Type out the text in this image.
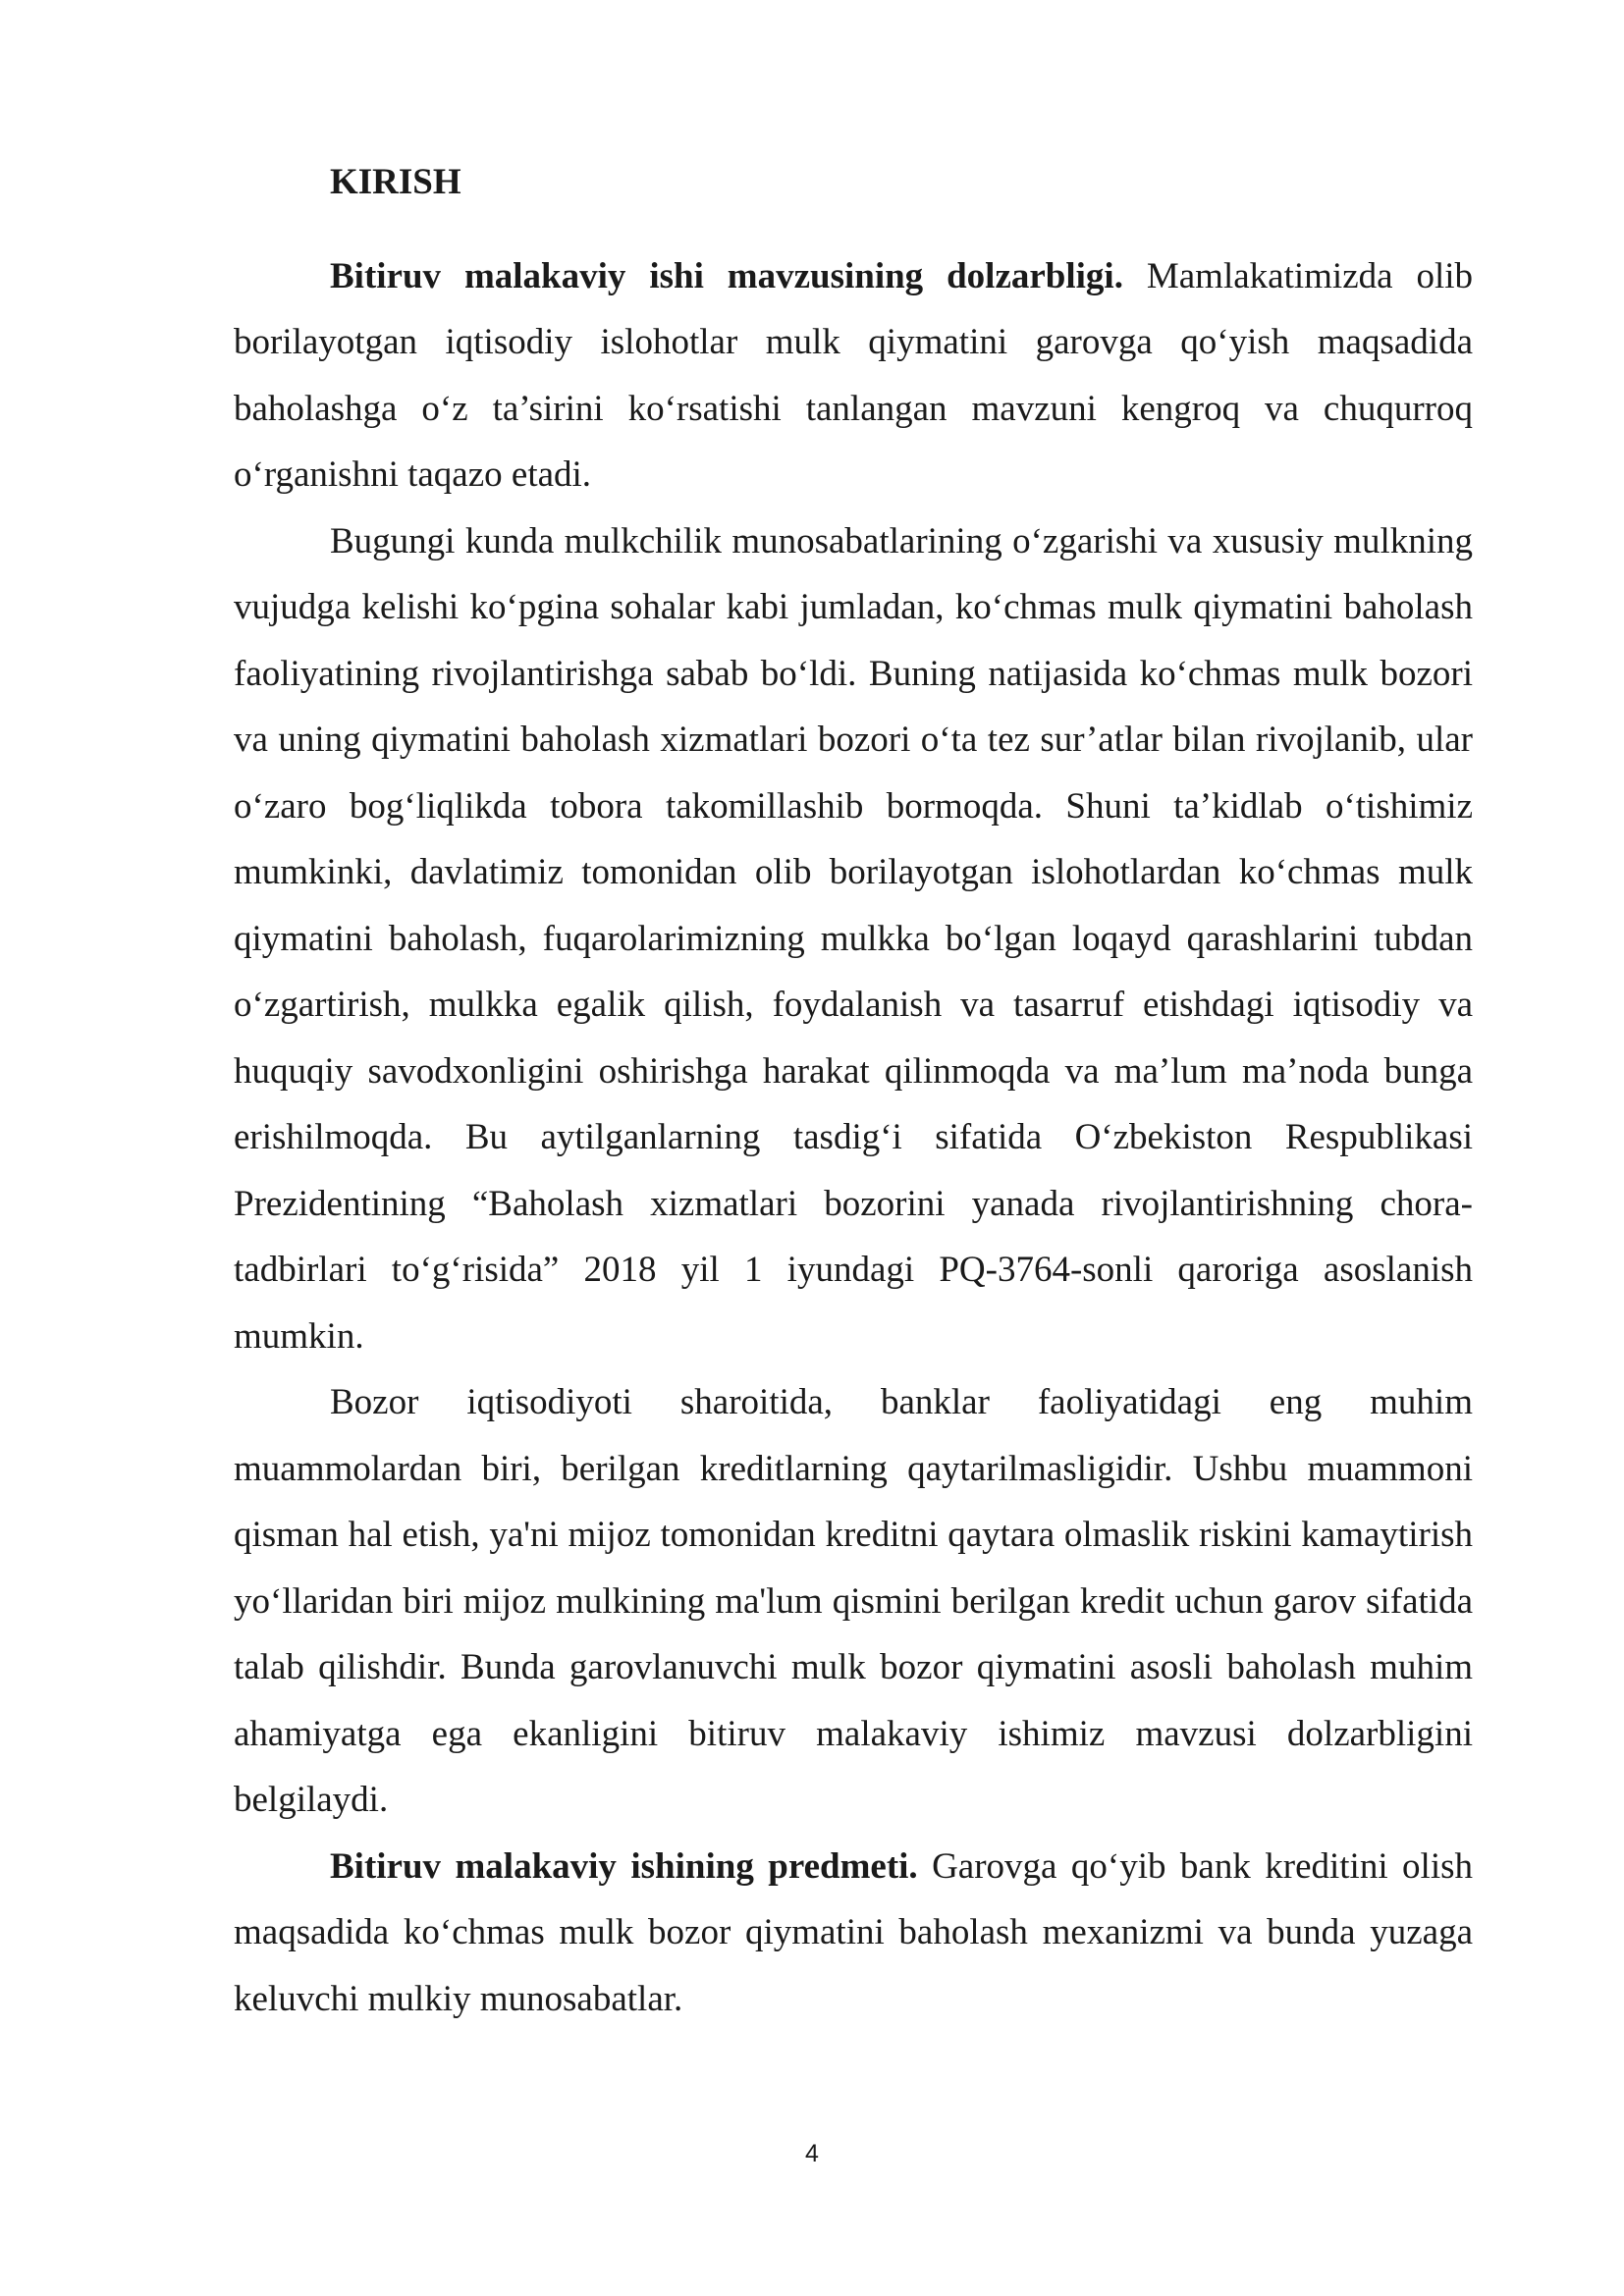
KIRISH

Bitiruv malakaviy ishi mavzusining dolzarbligi. Mamlakatimizda olib borilayotgan iqtisodiy islohotlar mulk qiymatini garovga qo‘yish maqsadida baholashga o‘z ta’sirini ko‘rsatishi tanlangan mavzuni kengroq va chuqurroq o‘rganishni taqazo etadi.

Bugungi kunda mulkchilik munosabatlarining o‘zgarishi va xususiy mulkning vujudga kelishi ko‘pgina sohalar kabi jumladan, ko‘chmas mulk qiymatini baholash faoliyatining rivojlantirishga sabab bo‘ldi. Buning natijasida ko‘chmas mulk bozori va uning qiymatini baholash xizmatlari bozori o‘ta tez sur’atlar bilan rivojlanib, ular o‘zaro bog‘liqlikda tobora takomillashib bormoqda. Shuni ta’kidlab o‘tishimiz mumkinki, davlatimiz tomonidan olib borilayotgan islohotlardan ko‘chmas mulk qiymatini baholash, fuqarolarimizning mulkka bo‘lgan loqayd qarashlarini tubdan o‘zgartirish, mulkka egalik qilish, foydalanish va tasarruf etishdagi iqtisodiy va huquqiy savodxonligini oshirishga harakat qilinmoqda va ma’lum ma’noda bunga erishilmoqda. Bu aytilganlarning tasdig‘i sifatida O‘zbekiston Respublikasi Prezidentining “Baholash xizmatlari bozorini yanada rivojlantirishning chora-tadbirlari to‘g‘risida” 2018 yil 1 iyundagi PQ-3764-sonli qaroriga asoslanish mumkin.

Bozor iqtisodiyoti sharoitida, banklar faoliyatidagi eng muhim muammolardan biri, berilgan kreditlarning qaytarilmasligidir. Ushbu muammoni qisman hal etish, ya'ni mijoz tomonidan kreditni qaytara olmaslik riskini kamaytirish yo‘llaridan biri mijoz mulkining ma'lum qismini berilgan kredit uchun garov sifatida talab qilishdir. Bunda garovlanuvchi mulk bozor qiymatini asosli baholash muhim ahamiyatga ega ekanligini bitiruv malakaviy ishimiz mavzusi dolzarbligini belgilaydi.

Bitiruv malakaviy ishining predmeti. Garovga qo‘yib bank kreditini olish maqsadida ko‘chmas mulk bozor qiymatini baholash mexanizmi va bunda yuzaga keluvchi mulkiy munosabatlar.

4
